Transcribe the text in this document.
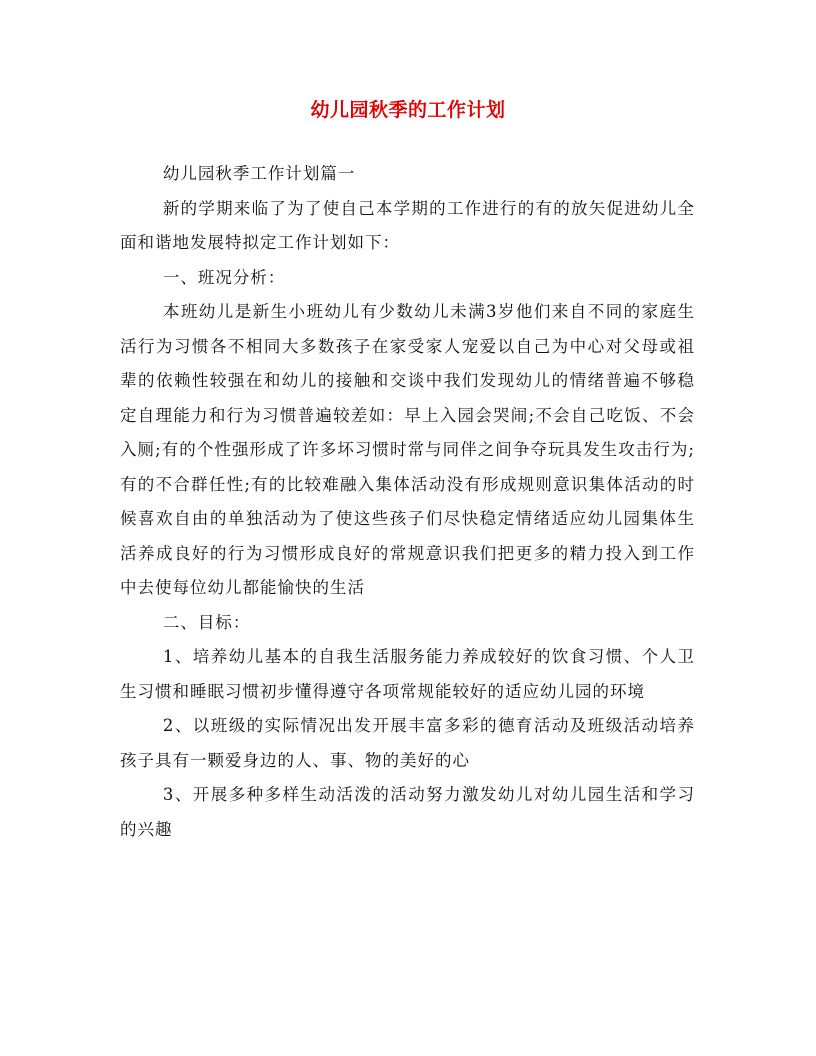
幼儿园秋季的工作计划

幼儿园秋季工作计划篇一

新的学期来临了为了使自己本学期的工作进行的有的放矢促进幼儿全面和谐地发展特拟定工作计划如下：

一、班况分析：

本班幼儿是新生小班幼儿有少数幼儿未满3岁他们来自不同的家庭生活行为习惯各不相同大多数孩子在家受家人宠爱以自己为中心对父母或祖辈的依赖性较强在和幼儿的接触和交谈中我们发现幼儿的情绪普遍不够稳定自理能力和行为习惯普遍较差如：早上入园会哭闹;不会自己吃饭、不会入厕;有的个性强形成了许多坏习惯时常与同伴之间争夺玩具发生攻击行为;有的不合群任性;有的比较难融入集体活动没有形成规则意识集体活动的时候喜欢自由的单独活动为了使这些孩子们尽快稳定情绪适应幼儿园集体生活养成良好的行为习惯形成良好的常规意识我们把更多的精力投入到工作中去使每位幼儿都能愉快的生活

二、目标：

1、培养幼儿基本的自我生活服务能力养成较好的饮食习惯、个人卫生习惯和睡眠习惯初步懂得遵守各项常规能较好的适应幼儿园的环境

2、以班级的实际情况出发开展丰富多彩的德育活动及班级活动培养孩子具有一颗爱身边的人、事、物的美好的心

3、开展多种多样生动活泼的活动努力激发幼儿对幼儿园生活和学习的兴趣
